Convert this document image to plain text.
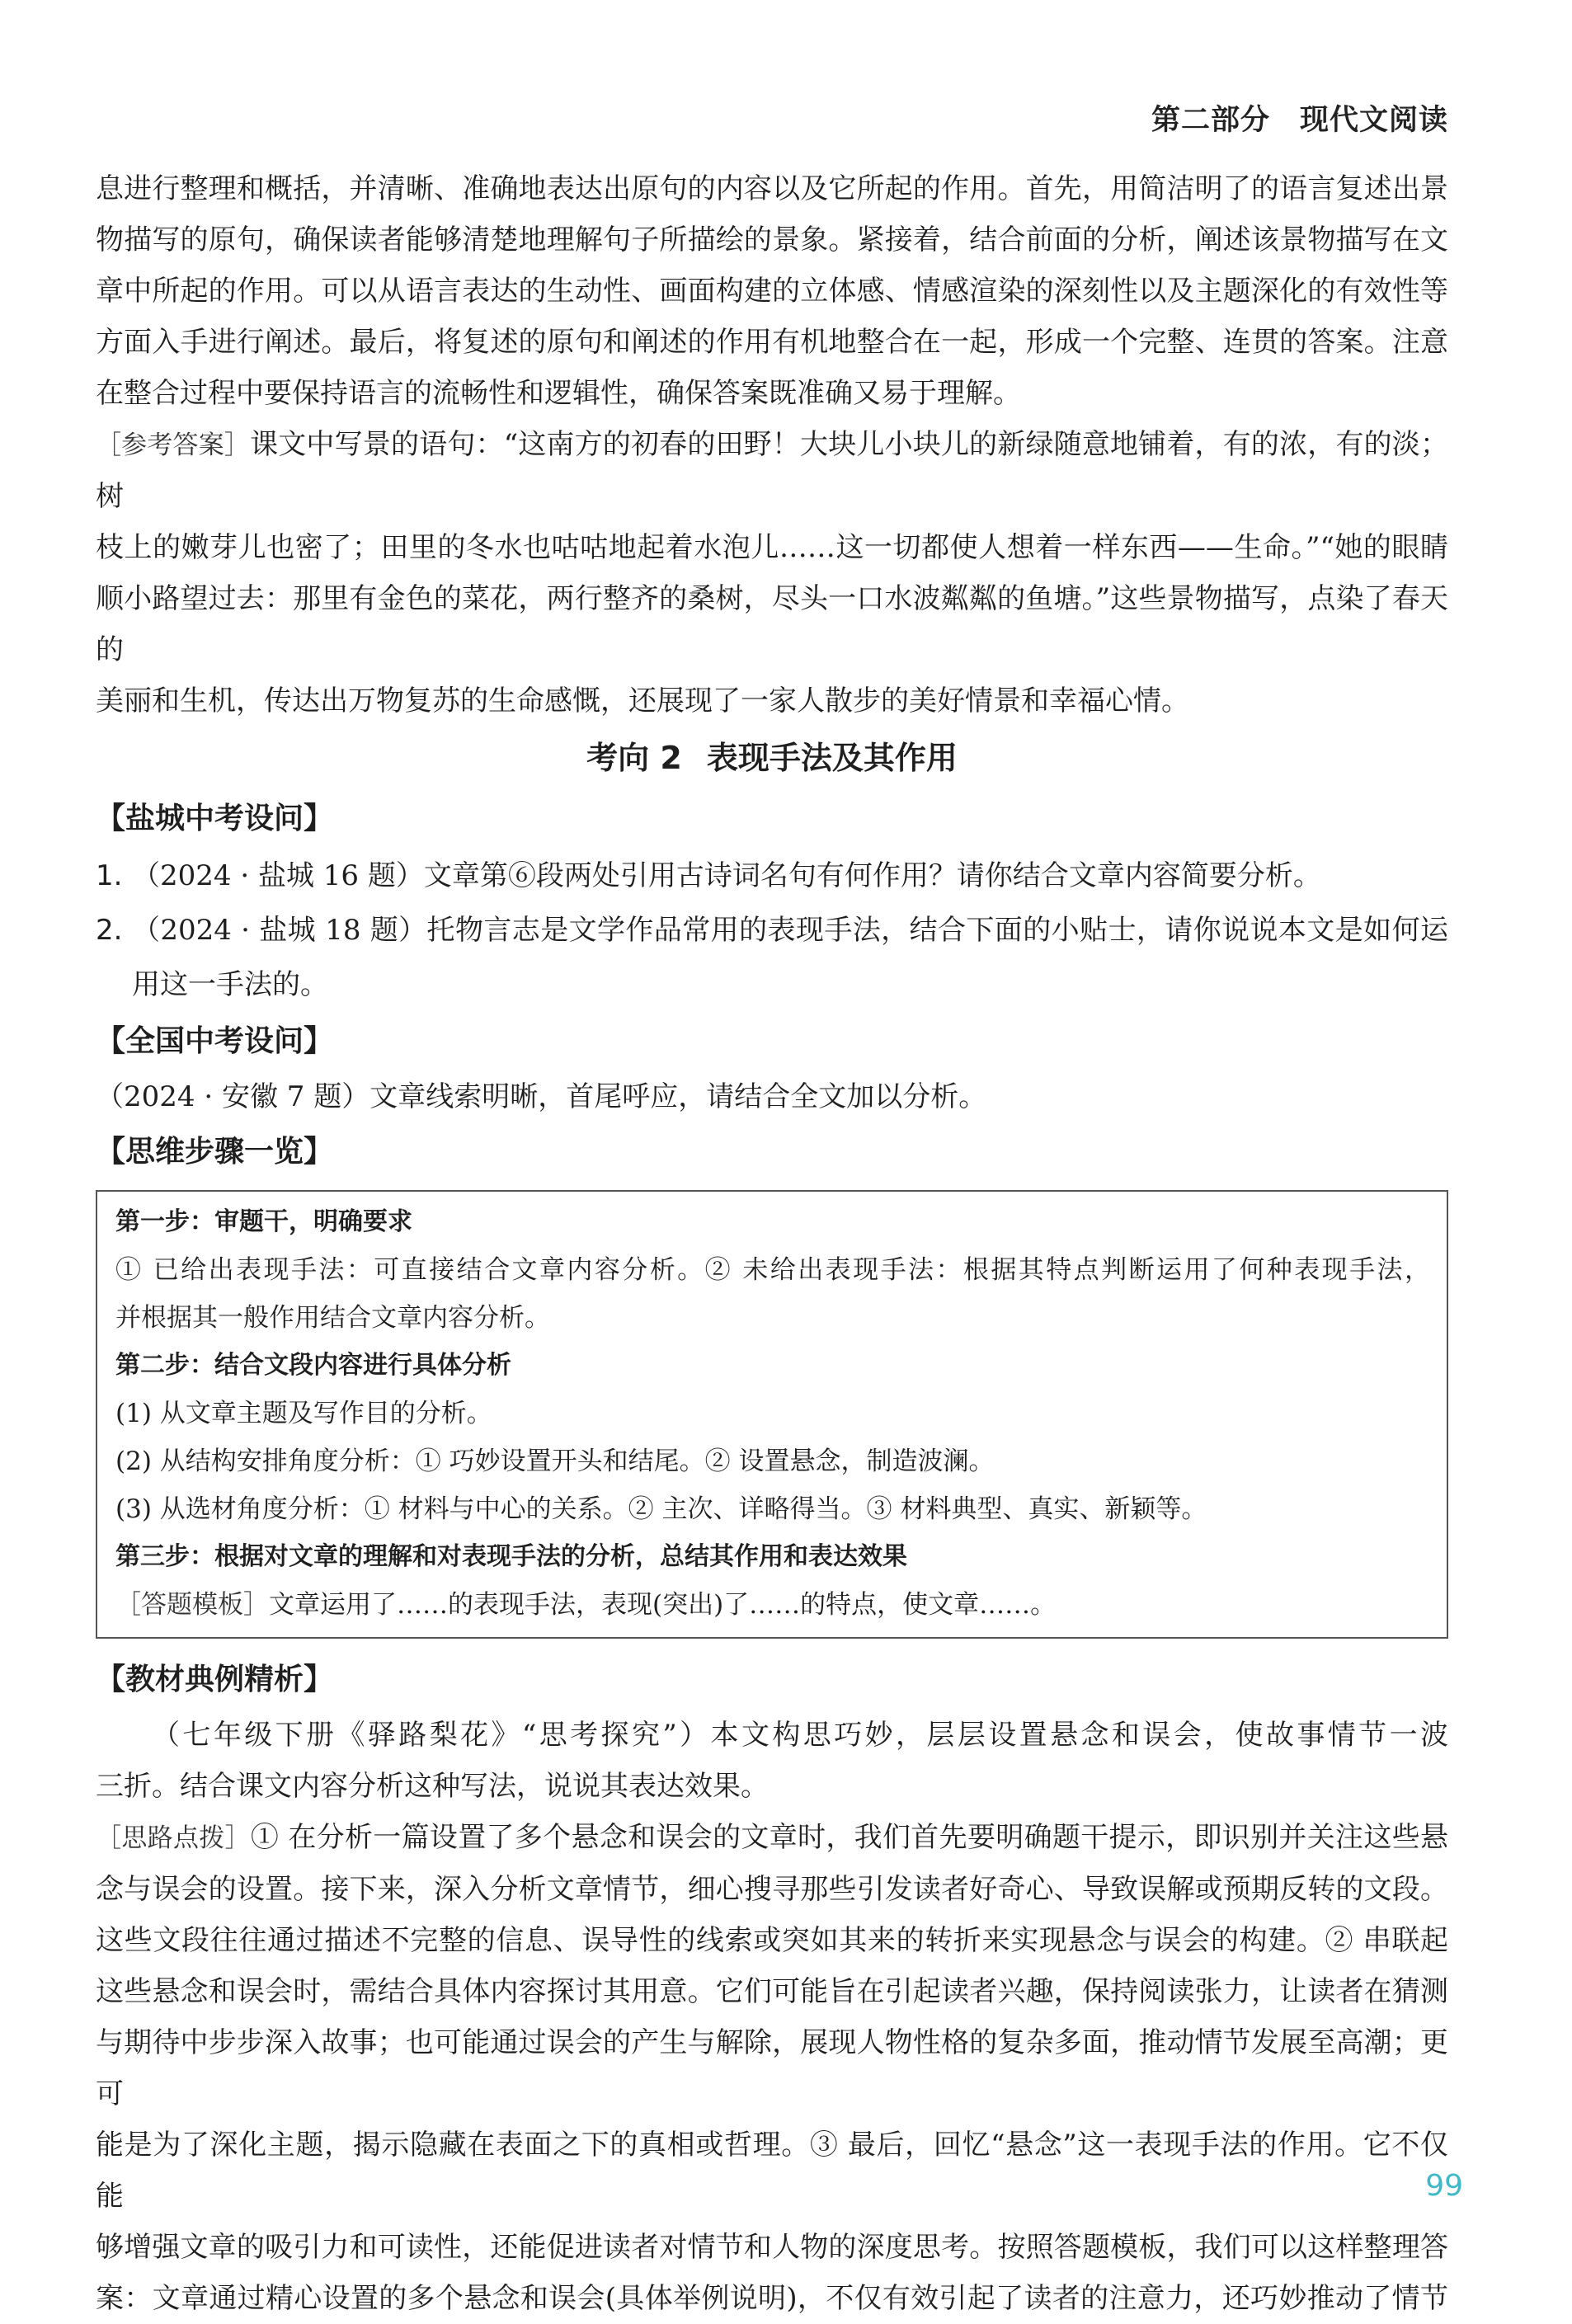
第二部分 现代文阅读

息进行整理和概括，并清晰、准确地表达出原句的内容以及它所起的作用。首先，用简洁明了的语言复述出景

物描写的原句，确保读者能够清楚地理解句子所描绘的景象。紧接着，结合前面的分析，阐述该景物描写在文

章中所起的作用。可以从语言表达的生动性、画面构建的立体感、情感渲染的深刻性以及主题深化的有效性等

方面入手进行阐述。最后，将复述的原句和阐述的作用有机地整合在一起，形成一个完整、连贯的答案。注意

在整合过程中要保持语言的流畅性和逻辑性，确保答案既准确又易于理解。

［参考答案］课文中写景的语句：“这南方的初春的田野！大块儿小块儿的新绿随意地铺着，有的浓，有的淡；树

枝上的嫩芽儿也密了；田里的冬水也咕咕地起着水泡儿……这一切都使人想着一样东西——生命。”“她的眼睛

顺小路望过去：那里有金色的菜花，两行整齐的桑树，尽头一口水波粼粼的鱼塘。”这些景物描写，点染了春天的

美丽和生机，传达出万物复苏的生命感慨，还展现了一家人散步的美好情景和幸福心情。

考向 2 表现手法及其作用

【盐城中考设问】

1. （2024 · 盐城 16 题）文章第⑥段两处引用古诗词名句有何作用？请你结合文章内容简要分析。
2. （2024 · 盐城 18 题）托物言志是文学作品常用的表现手法，结合下面的小贴士，请你说说本文是如何运用这一手法的。

【全国中考设问】

（2024 · 安徽 7 题）文章线索明晰，首尾呼应，请结合全文加以分析。

【思维步骤一览】

第一步：审题干，明确要求

① 已给出表现手法：可直接结合文章内容分析。② 未给出表现手法：根据其特点判断运用了何种表现手法，

并根据其一般作用结合文章内容分析。

第二步：结合文段内容进行具体分析

(1) 从文章主题及写作目的分析。

(2) 从结构安排角度分析：① 巧妙设置开头和结尾。② 设置悬念，制造波澜。

(3) 从选材角度分析：① 材料与中心的关系。② 主次、详略得当。③ 材料典型、真实、新颖等。

第三步：根据对文章的理解和对表现手法的分析，总结其作用和表达效果

［答题模板］文章运用了……的表现手法，表现(突出)了……的特点，使文章……。

【教材典例精析】

（七年级下册《驿路梨花》“思考探究”）本文构思巧妙，层层设置悬念和误会，使故事情节一波

三折。结合课文内容分析这种写法，说说其表达效果。

［思路点拨］① 在分析一篇设置了多个悬念和误会的文章时，我们首先要明确题干提示，即识别并关注这些悬

念与误会的设置。接下来，深入分析文章情节，细心搜寻那些引发读者好奇心、导致误解或预期反转的文段。

这些文段往往通过描述不完整的信息、误导性的线索或突如其来的转折来实现悬念与误会的构建。② 串联起

这些悬念和误会时，需结合具体内容探讨其用意。它们可能旨在引起读者兴趣，保持阅读张力，让读者在猜测

与期待中步步深入故事；也可能通过误会的产生与解除，展现人物性格的复杂多面，推动情节发展至高潮；更可

能是为了深化主题，揭示隐藏在表面之下的真相或哲理。③ 最后，回忆“悬念”这一表现手法的作用。它不仅能

够增强文章的吸引力和可读性，还能促进读者对情节和人物的深度思考。按照答题模板，我们可以这样整理答

案：文章通过精心设置的多个悬念和误会(具体举例说明)，不仅有效引起了读者的注意力，还巧妙推动了情节

99
